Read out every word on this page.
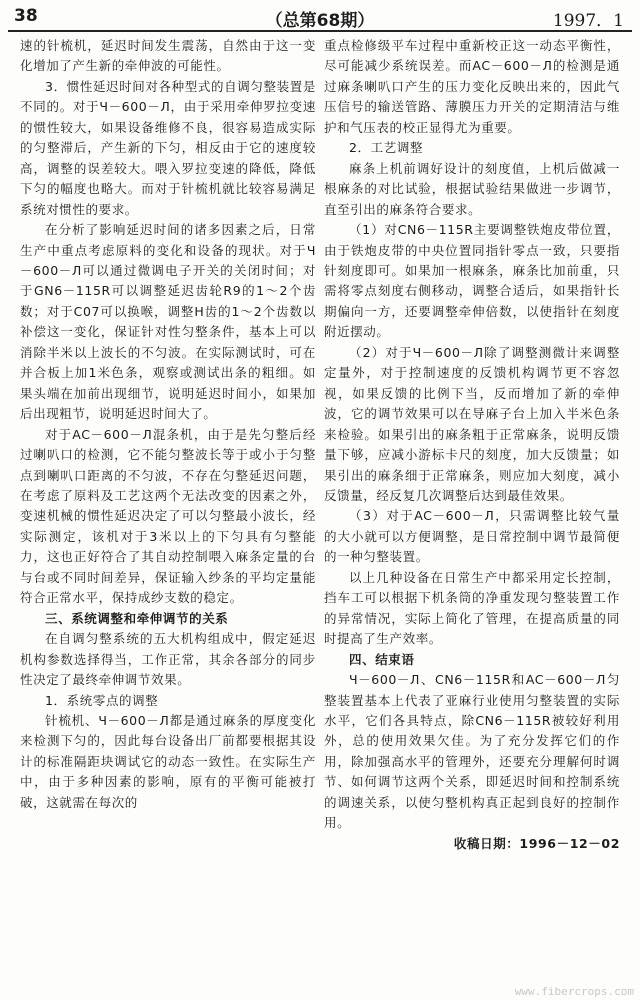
38	（总第68期）	1997．1

速的针梳机，延迟时间发生震荡，自然由于这一变化增加了产生新的牵伸波的可能性。

3．惯性延迟时间对各种型式的自调匀整装置是不同的。对于Ч－600－Л，由于采用牵伸罗拉变速的惯性较大，如果设备维修不良，很容易造成实际的匀整滞后，产生新的下匀，相反由于它的速度较高，调整的误差较大。喂入罗拉变速的降低，降低下匀的幅度也略大。而对于针梳机就比较容易满足系统对惯性的要求。

在分析了影响延迟时间的诸多因素之后，日常生产中重点考虑原料的变化和设备的现状。对于Ч－600－Л可以通过微调电子开关的关闭时间；对于GN6－115R可以调整延迟齿轮R9的1～2个齿数；对于C07可以换喉，调整H齿的1～2个齿数以补偿这一变化，保证针对性匀整条件，基本上可以消除半米以上波长的不匀波。在实际测试时，可在并合板上加1米色条，观察或测试出条的粗细。如果头端在加前出现细节，说明延迟时间小，如果加后出现粗节，说明延迟时间大了。

对于AC－600－Л混条机，由于是先匀整后经过喇叭口的检测，它不能匀整波长等于或小于匀整点到喇叭口距离的不匀波，不存在匀整延迟问题，在考虑了原料及工艺这两个无法改变的因素之外，变速机械的惯性延迟决定了可以匀整最小波长，经实际测定，该机对于3米以上的下匀具有匀整能力，这也正好符合了其自动控制喂入麻条定量的台与台或不同时间差异，保证输入纱条的平均定量能符合正常水平，保持成纱支数的稳定。

三、系统调整和牵伸调节的关系

在自调匀整系统的五大机构组成中，假定延迟机构参数选择得当，工作正常，其余各部分的同步性决定了最终牵伸调节效果。

1．系统零点的调整

针梳机、Ч－600－Л都是通过麻条的厚度变化来检测下匀的，因此每台设备出厂前都要根据其设计的标准隔距块调试它的动态一致性。在实际生产中，由于多种因素的影响，原有的平衡可能被打破，这就需在每次的

重点检修级平车过程中重新校正这一动态平衡性，尽可能减少系统误差。而AC－600－Л的检测是通过麻条喇叭口产生的压力变化反映出来的，因此气压信号的输送管路、薄膜压力开关的定期清洁与维护和气压表的校正显得尤为重要。

2．工艺调整

麻条上机前调好设计的刻度值，上机后做减一根麻条的对比试验，根据试验结果做进一步调节，直至引出的麻条符合要求。

（1）对CN6－115R主要调整铁炮皮带位置，由于铁炮皮带的中央位置同指针零点一致，只要指针刻度即可。如果加一根麻条，麻条比加前重，只需将零点刻度右侧移动，调整合适后，如果指针长期偏向一方，还要调整牵伸倍数，以使指针在刻度附近摆动。

（2）对于Ч－600－Л除了调整测微计来调整定量外，对于控制速度的反馈机构调节更不容忽视，如果反馈的比例下当，反而增加了新的牵伸波，它的调节效果可以在导麻子台上加入半米色条来检验。如果引出的麻条粗于正常麻条，说明反馈量下够，应减小游标卡尺的刻度，加大反馈量；如果引出的麻条细于正常麻条，则应加大刻度，减小反馈量，经反复几次调整后达到最佳效果。

（3）对于AC－600－Л，只需调整比较气量的大小就可以方便调整，是日常控制中调节最简便的一种匀整装置。

以上几种设备在日常生产中都采用定长控制，挡车工可以根据下机条筒的净重发现匀整装置工作的异常情况，实际上简化了管理，在提高质量的同时提高了生产效率。

四、结束语

Ч－600－Л、CN6－115R和AC－600－Л匀整装置基本上代表了亚麻行业使用匀整装置的实际水平，它们各具特点，除CN6－115R被较好利用外，总的使用效果欠佳。为了充分发挥它们的作用，除加强高水平的管理外，还要充分理解何时调节、如何调节这两个关系，即延迟时间和控制系统的调速关系，以使匀整机构真正起到良好的控制作用。

收稿日期：1996－12－02

www.fibercrops.com
